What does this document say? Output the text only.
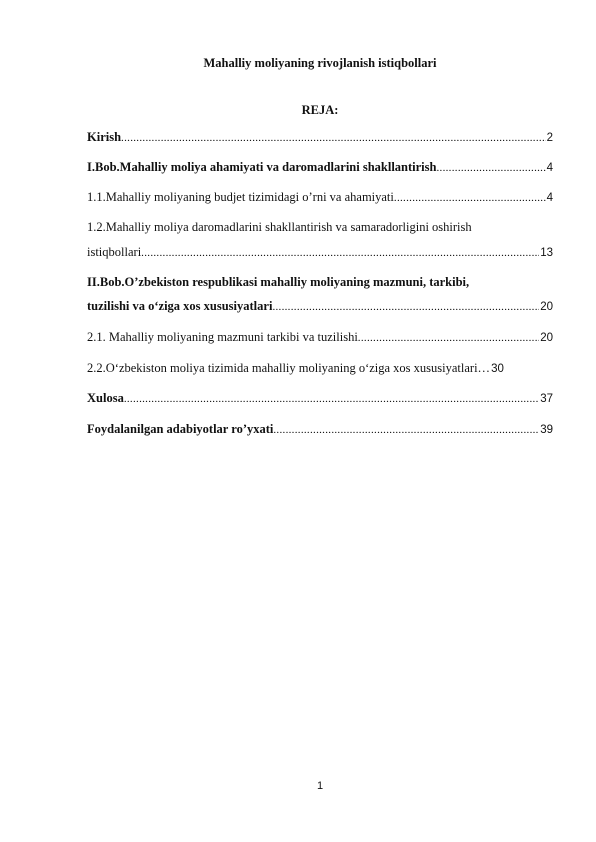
Mahalliy moliyaning rivojlanish istiqbollari
REJA:
Kirish .....	2
I.Bob.Mahalliy moliya ahamiyati va daromadlarini shakllantirish .....	4
1.1.Mahalliy moliyaning budjet tizimidagi o’rni va ahamiyati .....	4
1.2.Mahalliy moliya daromadlarini shakllantirish va samaradorligini oshirish
istiqbollari .....	13
II.Bob.O’zbekiston respublikasi mahalliy moliyaning mazmuni, tarkibi,
tuzilishi va o‘ziga xos xususiyatlari .....	20
2.1. Mahalliy moliyaning mazmuni tarkibi va tuzilishi .....	20
2.2.O‘zbekiston moliya tizimida mahalliy moliyaning o‘ziga xos xususiyatlari… 30
Xulosa .....	37
Foydalanilgan adabiyotlar ro’yxati .....	39
1
